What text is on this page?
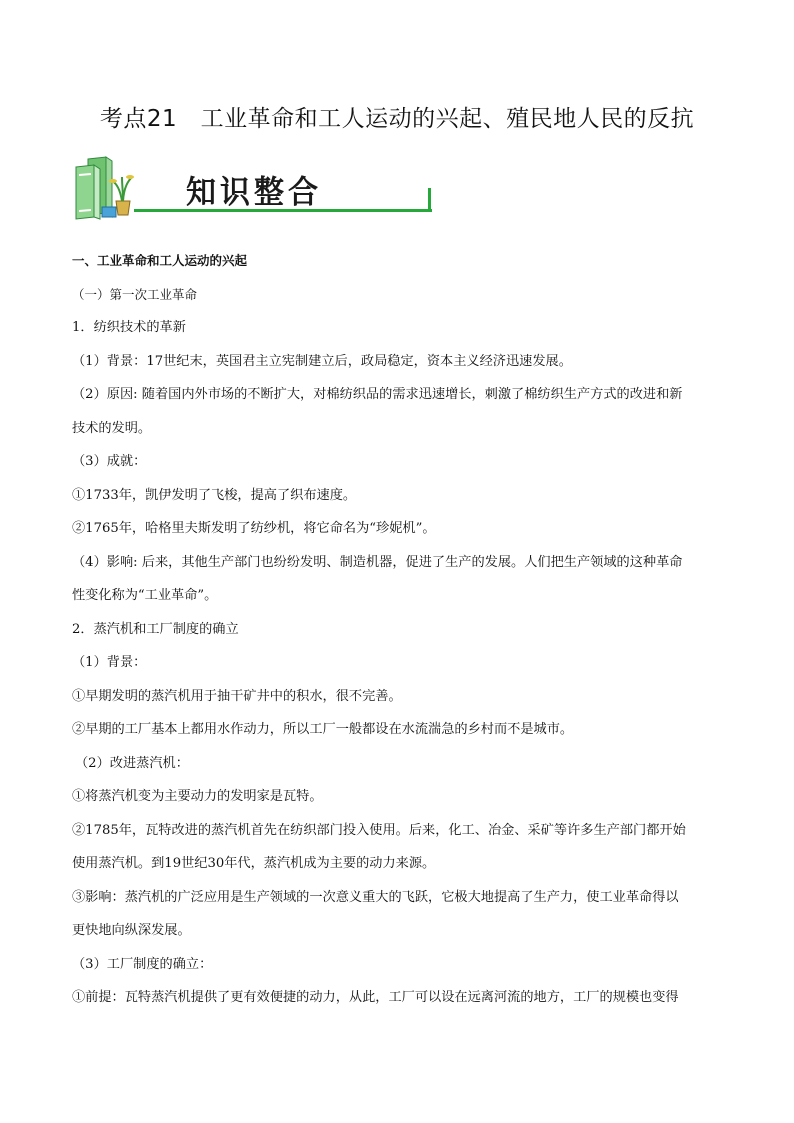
考点21　工业革命和工人运动的兴起、殖民地人民的反抗
知识整合

一、工业革命和工人运动的兴起

（一）第一次工业革命

1．纺织技术的革新

（1）背景：17世纪末，英国君主立宪制建立后，政局稳定，资本主义经济迅速发展。

（2）原因: 随着国内外市场的不断扩大，对棉纺织品的需求迅速增长，刺激了棉纺织生产方式的改进和新

技术的发明。

（3）成就：

①1733年，凯伊发明了飞梭，提高了织布速度。

②1765年，哈格里夫斯发明了纺纱机，将它命名为“珍妮机”。

（4）影响: 后来，其他生产部门也纷纷发明、制造机器，促进了生产的发展。人们把生产领域的这种革命

性变化称为“工业革命”。

2．蒸汽机和工厂制度的确立

（1）背景：

①早期发明的蒸汽机用于抽干矿井中的积水，很不完善。

②早期的工厂基本上都用水作动力，所以工厂一般都设在水流湍急的乡村而不是城市。

（2）改进蒸汽机：

①将蒸汽机变为主要动力的发明家是瓦特。

②1785年，瓦特改进的蒸汽机首先在纺织部门投入使用。后来，化工、冶金、采矿等许多生产部门都开始

使用蒸汽机。到19世纪30年代，蒸汽机成为主要的动力来源。

③影响：蒸汽机的广泛应用是生产领域的一次意义重大的飞跃，它极大地提高了生产力，使工业革命得以

更快地向纵深发展。

（3）工厂制度的确立：

①前提：瓦特蒸汽机提供了更有效便捷的动力，从此，工厂可以设在远离河流的地方，工厂的规模也变得
